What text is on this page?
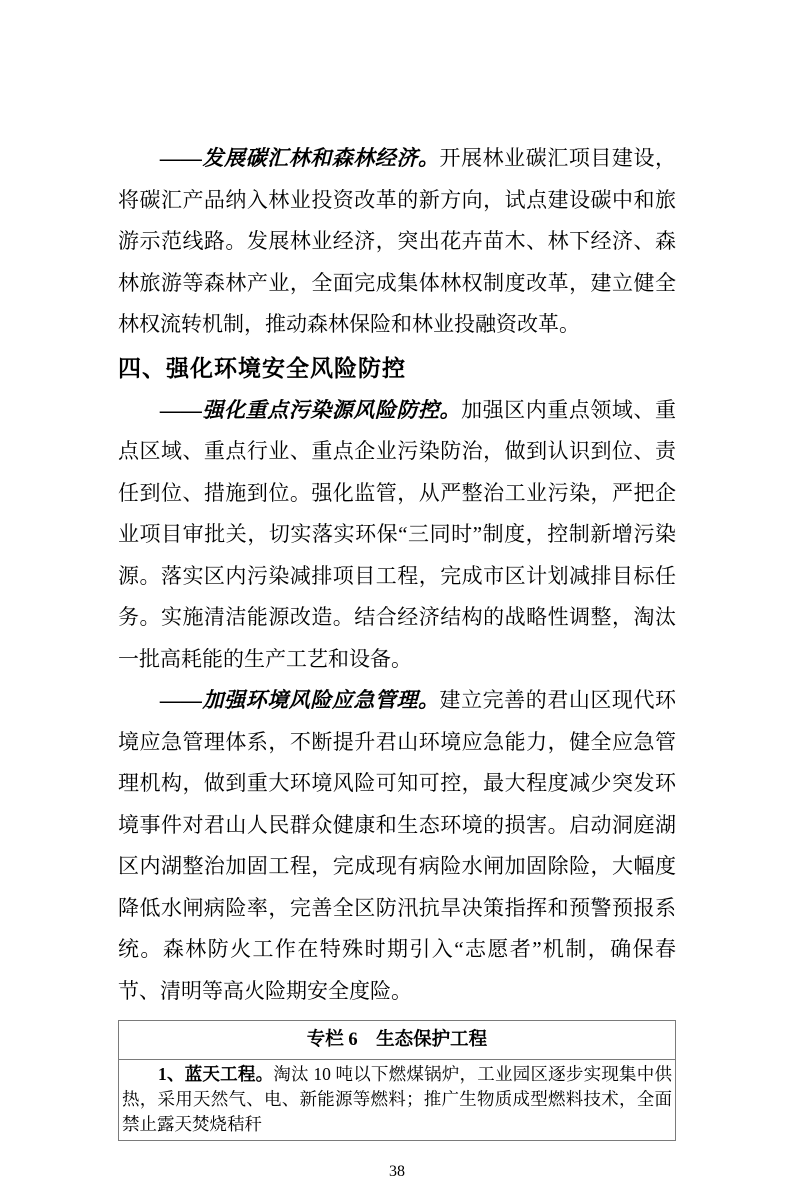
——发展碳汇林和森林经济。开展林业碳汇项目建设，将碳汇产品纳入林业投资改革的新方向，试点建设碳中和旅游示范线路。发展林业经济，突出花卉苗木、林下经济、森林旅游等森林产业，全面完成集体林权制度改革，建立健全林权流转机制，推动森林保险和林业投融资改革。

四、强化环境安全风险防控

——强化重点污染源风险防控。加强区内重点领域、重点区域、重点行业、重点企业污染防治，做到认识到位、责任到位、措施到位。强化监管，从严整治工业污染，严把企业项目审批关，切实落实环保“三同时”制度，控制新增污染源。落实区内污染减排项目工程，完成市区计划减排目标任务。实施清洁能源改造。结合经济结构的战略性调整，淘汰一批高耗能的生产工艺和设备。

——加强环境风险应急管理。建立完善的君山区现代环境应急管理体系，不断提升君山环境应急能力，健全应急管理机构，做到重大环境风险可知可控，最大程度减少突发环境事件对君山人民群众健康和生态环境的损害。启动洞庭湖区内湖整治加固工程，完成现有病险水闸加固除险，大幅度降低水闸病险率，完善全区防汛抗旱决策指挥和预警预报系统。森林防火工作在特殊时期引入“志愿者”机制，确保春节、清明等高火险期安全度险。

专栏 6　生态保护工程
1、蓝天工程。淘汰 10 吨以下燃煤锅炉，工业园区逐步实现集中供热，采用天然气、电、新能源等燃料；推广生物质成型燃料技术，全面禁止露天焚烧秸秆
38
